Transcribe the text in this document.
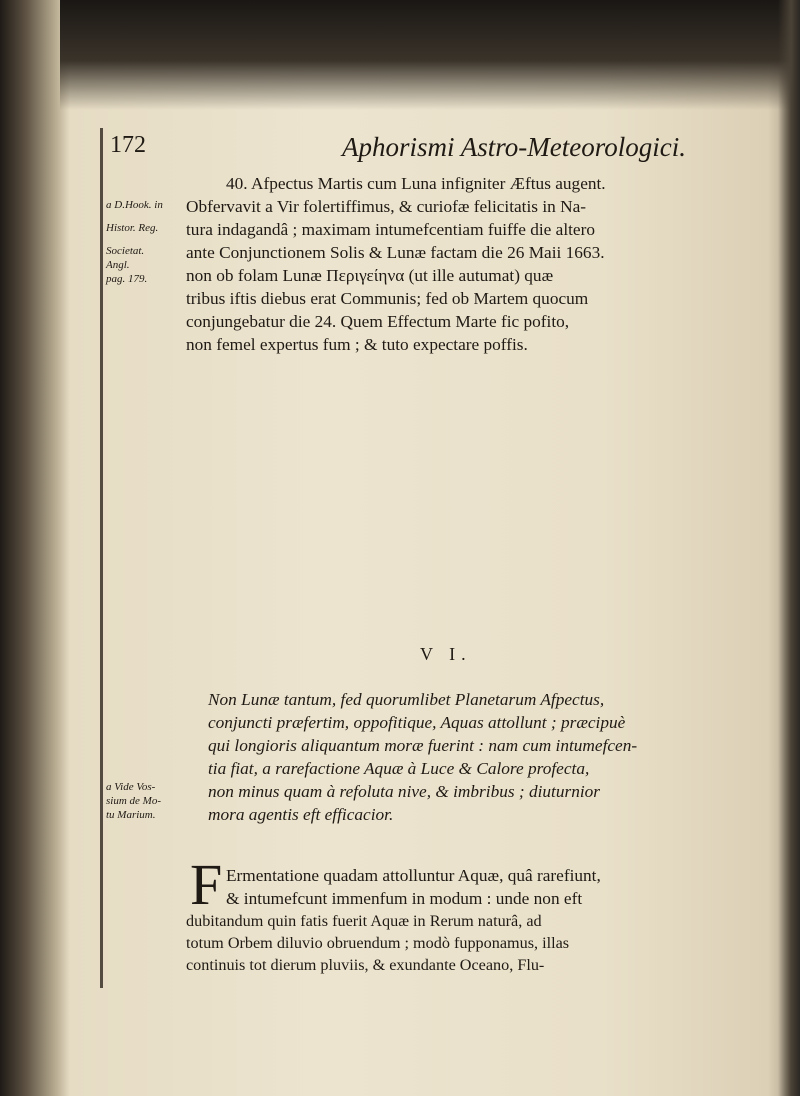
172	Aphorismi Astro-Meteorologici.
a D.Hook. in
Histor. Reg.
Societat.
Angl.
pag. 179.
40. Afpectus Martis cum Luna infigniter Æftus augent.
Obfervavit a Vir folertiffimus, & curiofæ felicitatis in Na-
tura indagandâ ; maximam intumefcentiam fuiffe die altero
ante Conjunctionem Solis & Lunæ factam die 26 Maii 1663.
non ob folam Lunæ Περιγείηνα (ut ille autumat) quæ
tribus iftis diebus erat Communis; fed ob Martem quocum
conjungebatur die 24. Quem Effectum Marte fic pofito,
non femel expertus fum ; & tuto expectare poffis.
V I.
a Vide Vos-
sium de Mo-
tu Marium.
Non Lunæ tantum, fed quorumlibet Planetarum Afpectus,
conjuncti præfertim, oppofitique, Aquas attollunt ; præcipuè
qui longioris aliquantum moræ fuerint : nam cum intumefcen-
tia fiat, a rarefactione Aquæ à Luce & Calore profecta,
non minus quam à refoluta nive, & imbribus ; diuturnior
mora agentis eft efficacior.
F Ermentatione quadam attolluntur Aquæ, quâ rarefiunt,
& intumefcunt immenfum in modum : unde non eft
dubitandum quin fatis fuerit Aquæ in Rerum naturâ, ad
totum Orbem diluvio obruendum ; modò fupponamus, illas
continuis tot dierum pluviis, & exundante Oceano, Flu-
